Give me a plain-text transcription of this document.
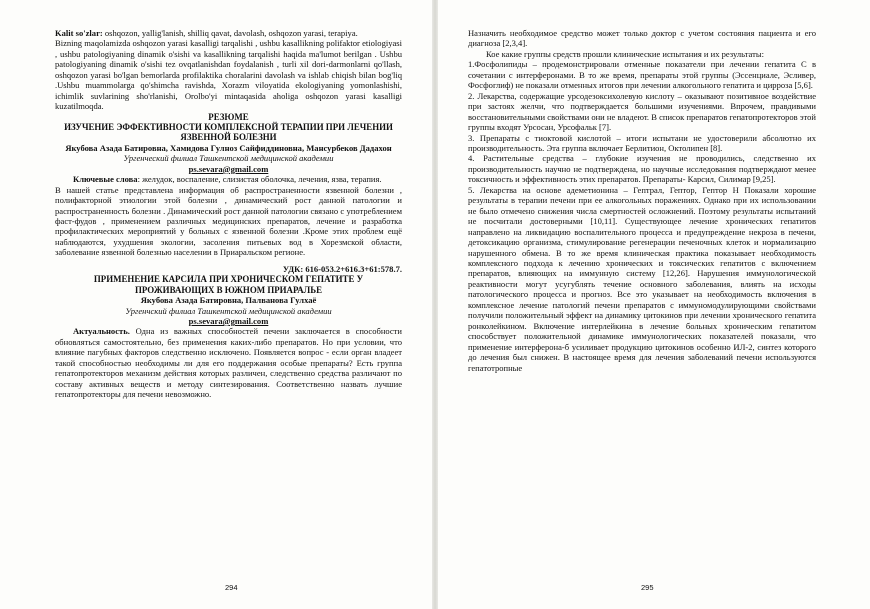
Kalit so'zlar: oshqozon, yallig'lanish, shilliq qavat, davolash, oshqozon yarasi, terapiya.

Bizning maqolamizda oshqozon yarasi kasalligi tarqalishi , ushbu kasallikning polifaktor etiologiyasi , ushbu patologiyaning dinamik o'sishi va kasallikning tarqalishi haqida ma'lumot berilgan . Ushbu patologiyaning dinamik o'sishi tez ovqatlanishdan foydalanish , turli xil dori-darmonlarni qo'llash, oshqozon yarasi bo'lgan bemorlarda profilaktika choralarini davolash va ishlab chiqish bilan bog'liq .Ushbu muammolarga qo'shimcha ravishda, Xorazm viloyatida ekologiyaning yomonlashishi, ichimlik suvlarining sho'rlanishi, Orolbo'yi mintaqasida aholiga oshqozon yarasi kasalligi kuzatilmoqda.

РЕЗЮМЕ

ИЗУЧЕНИЕ ЭФФЕКТИВНОСТИ КОМПЛЕКСНОЙ ТЕРАПИИ ПРИ ЛЕЧЕНИИ ЯЗВЕННОЙ БОЛЕЗНИ

Якубова Азада Батировна, Хамидова Гулноз Сайфиддиновна, Мансурбеков Дадахон

Ургенческий филиал Ташкентской медицинской академии

ps.sevara@gmail.com

Ключевые слова: желудок, воспаление, слизистая оболочка, лечения, язва, терапия.

В нашей статье представлена информация об распространенности язвенной болезни , полифакторной этиологии этой болезни , динамический рост данной патологии и распространенность болезни . Динамический рост данной патологии связано с употреблением фаст-фудов , применением различных медицинских препаратов, лечение и разработка профилактических мероприятий у больных с язвенной болезни .Кроме этих проблем ещё наблюдаются, ухудшения экологии, засоления питьевых вод в Хорезмской области, заболевание язвенной болезнью населении в Приаральском регионе.

УДК: 616-053.2+616.3+61:578.7.

ПРИМЕНЕНИЕ КАРСИЛА ПРИ ХРОНИЧЕСКОМ ГЕПАТИТЕ У ПРОЖИВАЮЩИХ В ЮЖНОМ ПРИАРАЛЬЕ

Якубова Азада Батировна, Палванова Гулхаё

Ургенчский филиал Ташкентской медицинской академии

ps.sevara@gmail.com

Актуальность. Одна из важных способностей печени заключается в способности обновляться самостоятельно, без применения каких-либо препаратов. Но при условии, что влияние пагубных факторов следственно исключено. Появляется вопрос - если орган владеет такой способностью необходимы ли для его поддержания особые препараты? Есть группа гепатопротекторов механизм действия которых различен, следственно средства различают по составу активных веществ и методу синтезирования. Соответственно назвать лучшие гепатопротекторы для печени невозможно.

294

Назначить необходимое средство может только доктор с учетом состояния пациента и его диагноза [2,3,4].

Кое какие группы средств прошли клинические испытания и их результаты:

1.Фосфолипиды – продемонстрировали отменные показатели при лечении гепатита С в сочетании с интерферонами. В то же время, препараты этой группы (Эссенциале, Эсливер, Фосфоглиф) не показали отменных итогов при лечении алкогольного гепатита и цирроза [5,6].

2. Лекарства, содержащие урсодезоксихолевую кислоту – оказывают позитивное воздействие при застоях желчи, что подтверждается большими изучениями. Впрочем, правдивыми восстановительными свойствами они не владеют. В список препаратов гепатопротекторов этой группы входят Урсосан, Урсофальк [7].

3. Препараты с тиоктовой кислотой – итоги испытани не удостоверили абсолютно их производительность. Эта группа включает Берлитион, Октолипен [8].

4. Растительные средства – глубокие изучения не проводились, следственно их производительность научно не подтверждена, но научные исследования подтверждают менее токсичность и эффективность этих препаратов. Препараты- Карсил, Силимар [9,25].

5. Лекарства на основе адеметионина – Гептрал, Гептор, Гептор Н Показали хорошие результаты в терапии печени при ее алкогольных поражениях. Однако при их использовании не было отмечено снижения числа смертностей осложнений. Поэтому результаты испытаний не посчитали достоверными [10,11]. Существующее лечение хронических гепатитов направлено на ликвидацию воспалительного процесса и предупреждение некроза в печени, детоксикацию организма, стимулирование регенерации печеночных клеток и нормализацию нарушенного обмена. В то же время клиническая практика показывает необходимость комплексного подхода к лечению хронических и токсических гепатитов с включением препаратов, влияющих на иммунную систему [12,26]. Нарушения иммунологической реактивности могут усугублять течение основного заболевания, влиять на исходы патологического процесса и прогноз. Все это указывает на необходимость включения в комплексное лечение патологий печени препаратов с иммуномодулирующими свойствами получили положительный эффект на динамику цитокинов при лечении хронического гепатита ронколейкином. Включение интерлейкина в лечение больных хроническим гепатитом способствует положительной динамике иммунологических показателей показали, что применение интерферона-б усиливает продукцию цитокинов особенно ИЛ-2, синтез которого до лечения был снижен. В настоящее время для лечения заболеваний печени используются гепатотропные

295
